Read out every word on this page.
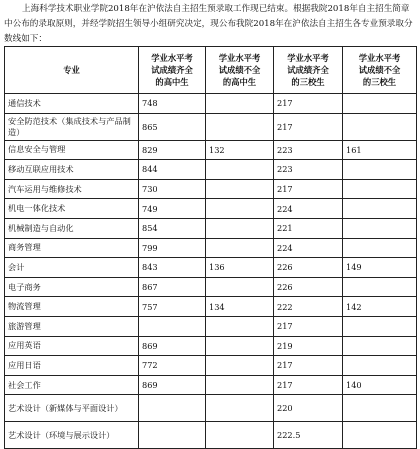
上海科学技术职业学院2018年在沪依法自主招生预录取工作现已结束。根据我院2018年自主招生简章中公布的录取原则，并经学院招生领导小组研究决定，现公布我院2018年在沪依法自主招生各专业预录取分数线如下：
专业	学业水平考
试成绩齐全
的高中生	学业水平考
试成绩不全
的高中生	学业水平考
试成绩齐全
的三校生	学业水平考
试成绩不全
的三校生

通信技术	748		217	
安全防范技术（集成技术与产品制造）	865		217	
信息安全与管理	829	132	223	161
移动互联应用技术	844		223	
汽车运用与维修技术	730		217	
机电一体化技术	749		224	
机械制造与自动化	854		221	
商务管理	799		224	
会计	843	136	226	149
电子商务	867		226	
物流管理	757	134	222	142
旅游管理			217	
应用英语	869		219	
应用日语	772		217	
社会工作	869		217	140
艺术设计（新媒体与平面设计）			220	
艺术设计（环境与展示设计）			222.5	
